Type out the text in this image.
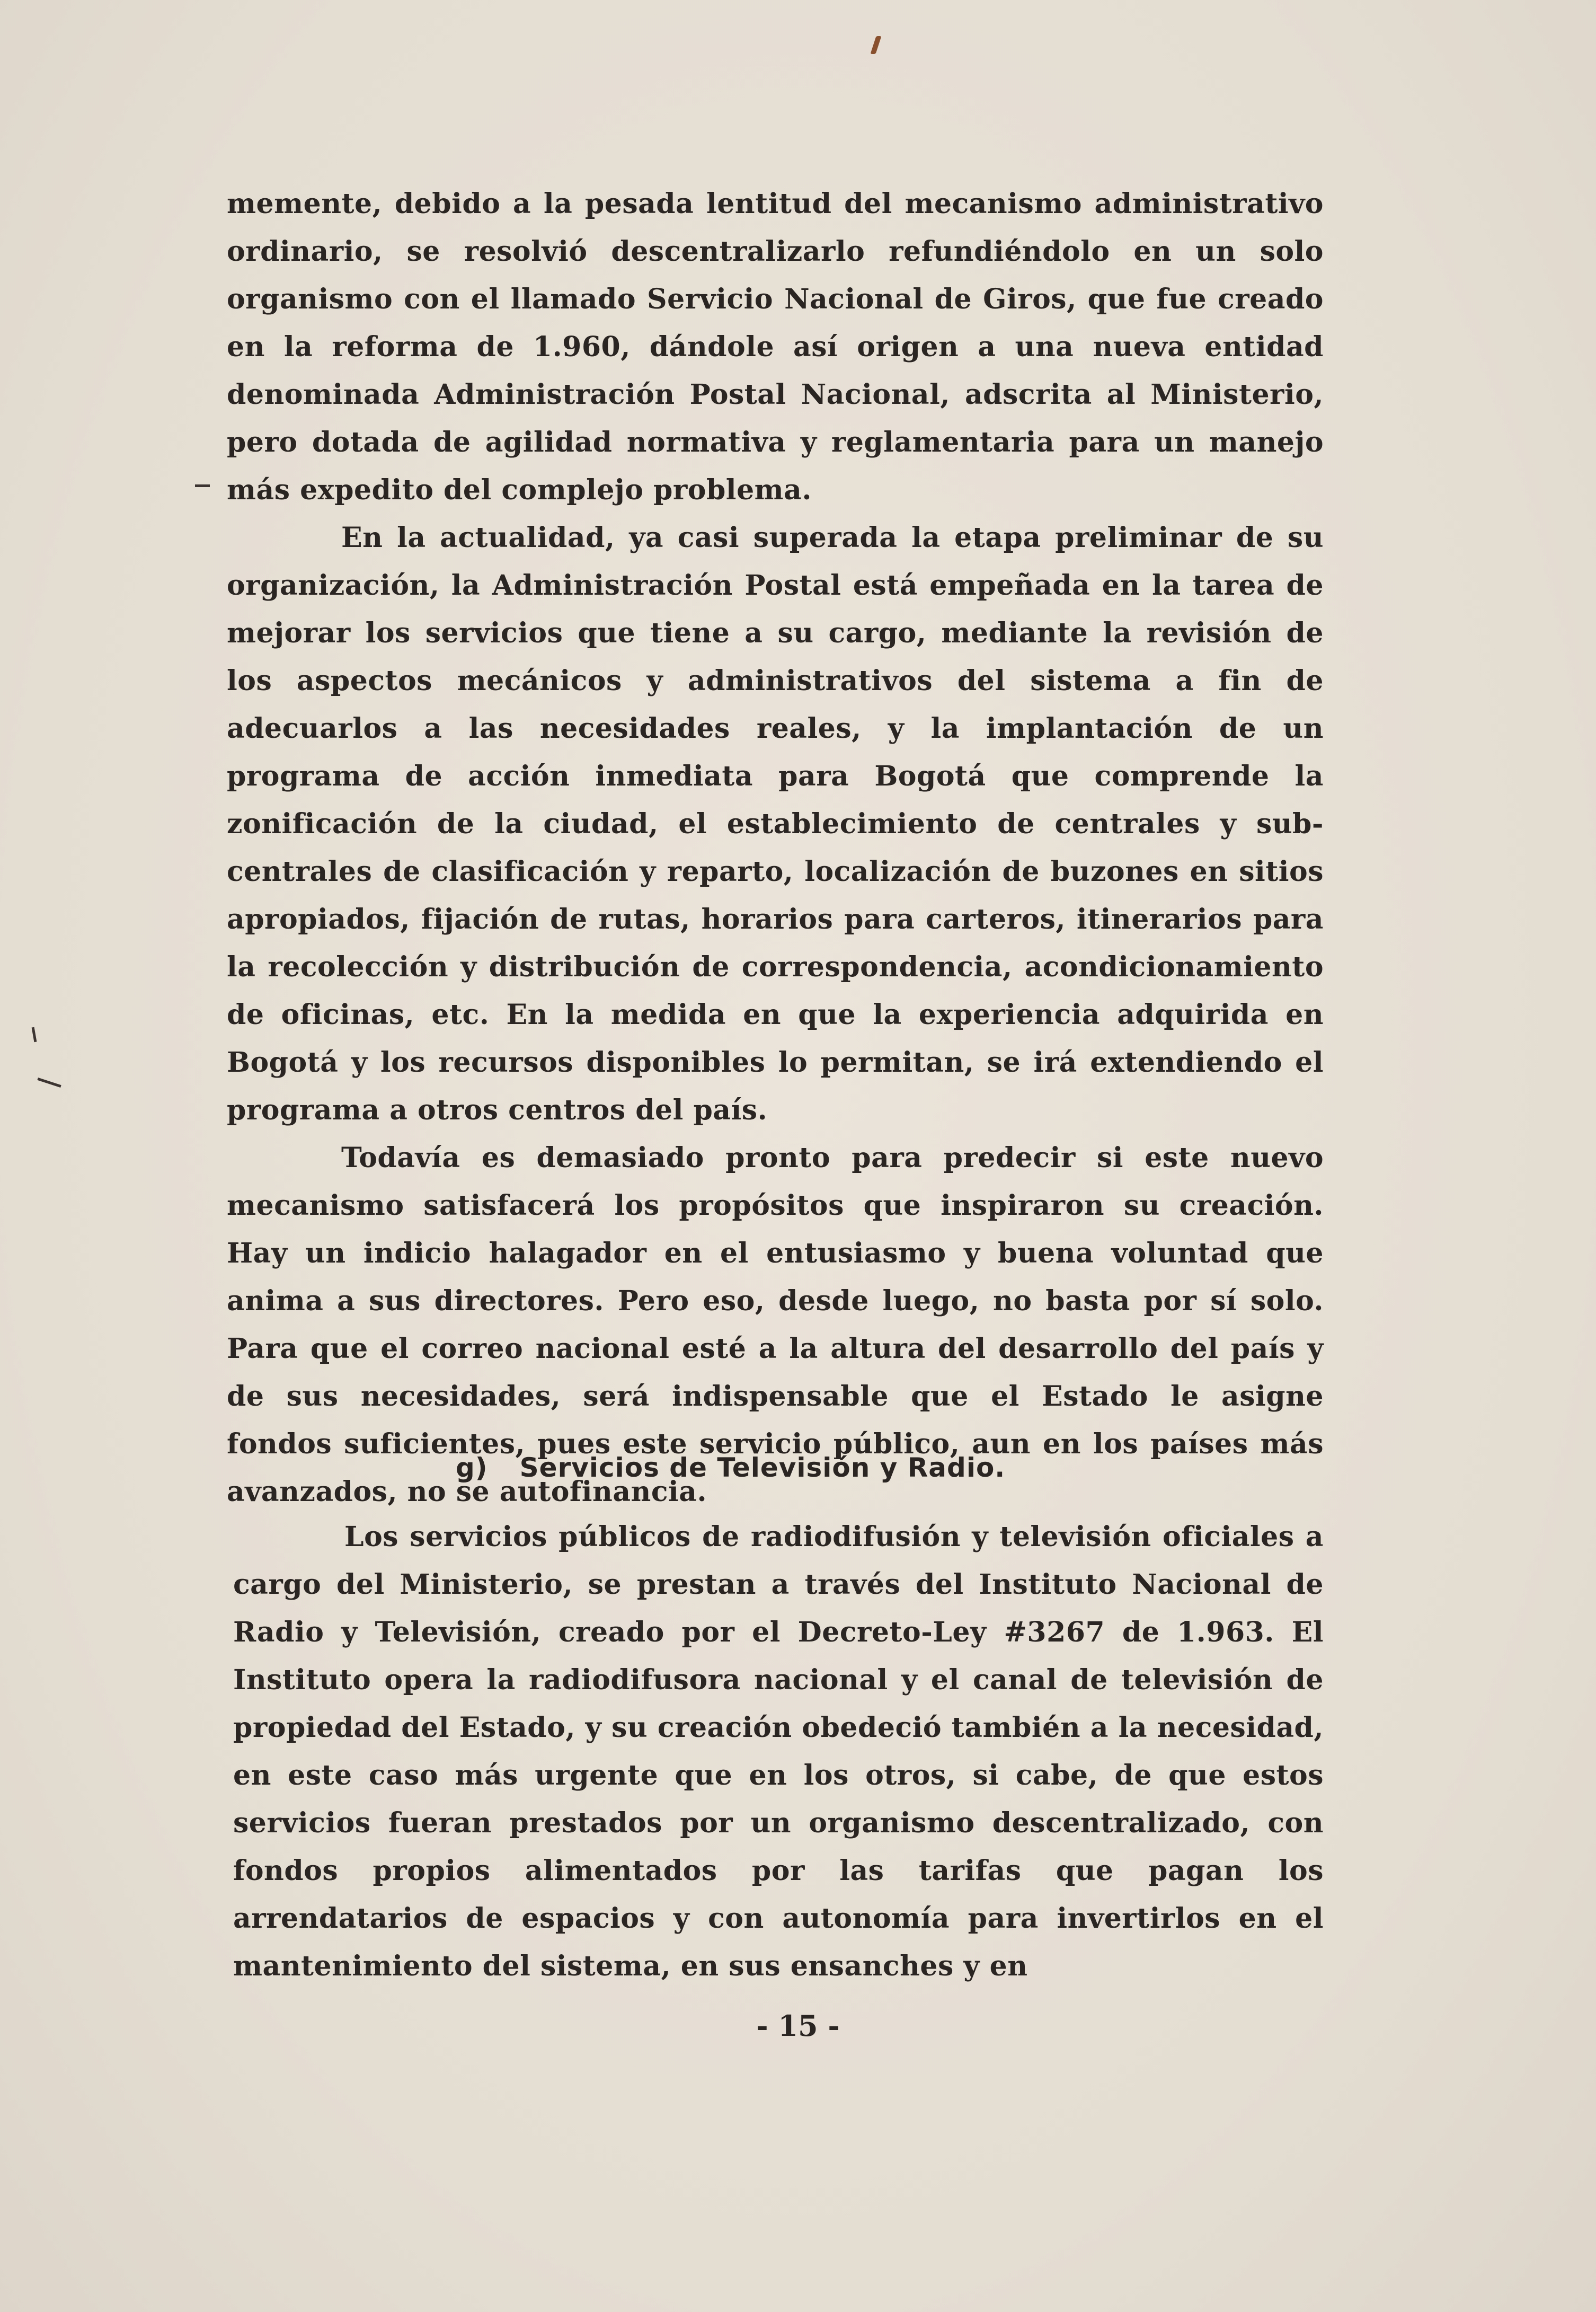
memente, debido a la pesada lentitud del mecanismo administrativo ordinario, se resolvió descentralizarlo refundiéndolo en un solo organismo con el llamado Servicio Nacional de Giros, que fue creado en la reforma de 1.960, dándole así origen a una nueva entidad denominada Administración Postal Nacional, adscrita al Ministerio, pero dotada de agilidad normativa y reglamentaria para un manejo más expedito del complejo problema.

En la actualidad, ya casi superada la etapa preliminar de su organización, la Administración Postal está empeñada en la tarea de mejorar los servicios que tiene a su cargo, mediante la revisión de los aspectos mecánicos y administrativos del sistema a fin de adecuarlos a las necesidades reales, y la implantación de un programa de acción inmediata para Bogotá que comprende la zonificación de la ciudad, el establecimiento de centrales y sub-centrales de clasificación y reparto, localización de buzones en sitios apropiados, fijación de rutas, horarios para carteros, itinerarios para la recolección y distribución de correspondencia, acondicionamiento de oficinas, etc. En la medida en que la experiencia adquirida en Bogotá y los recursos disponibles lo permitan, se irá extendiendo el programa a otros centros del país.

Todavía es demasiado pronto para predecir si este nuevo mecanismo satisfacerá los propósitos que inspiraron su creación. Hay un indicio halagador en el entusiasmo y buena voluntad que anima a sus directores. Pero eso, desde luego, no basta por sí solo. Para que el correo nacional esté a la altura del desarrollo del país y de sus necesidades, será indispensable que el Estado le asigne fondos suficientes, pues este servicio público, aun en los países más avanzados, no se autofinancia.

g) Servicios de Televisión y Radio.

Los servicios públicos de radiodifusión y televisión oficiales a cargo del Ministerio, se prestan a través del Instituto Nacional de Radio y Televisión, creado por el Decreto-Ley #3267 de 1.963. El Instituto opera la radiodifusora nacional y el canal de televisión de propiedad del Estado, y su creación obedeció también a la necesidad, en este caso más urgente que en los otros, si cabe, de que estos servicios fueran prestados por un organismo descentralizado, con fondos propios alimentados por las tarifas que pagan los arrendatarios de espacios y con autonomía para invertirlos en el mantenimiento del sistema, en sus ensanches y en

- 15 -
